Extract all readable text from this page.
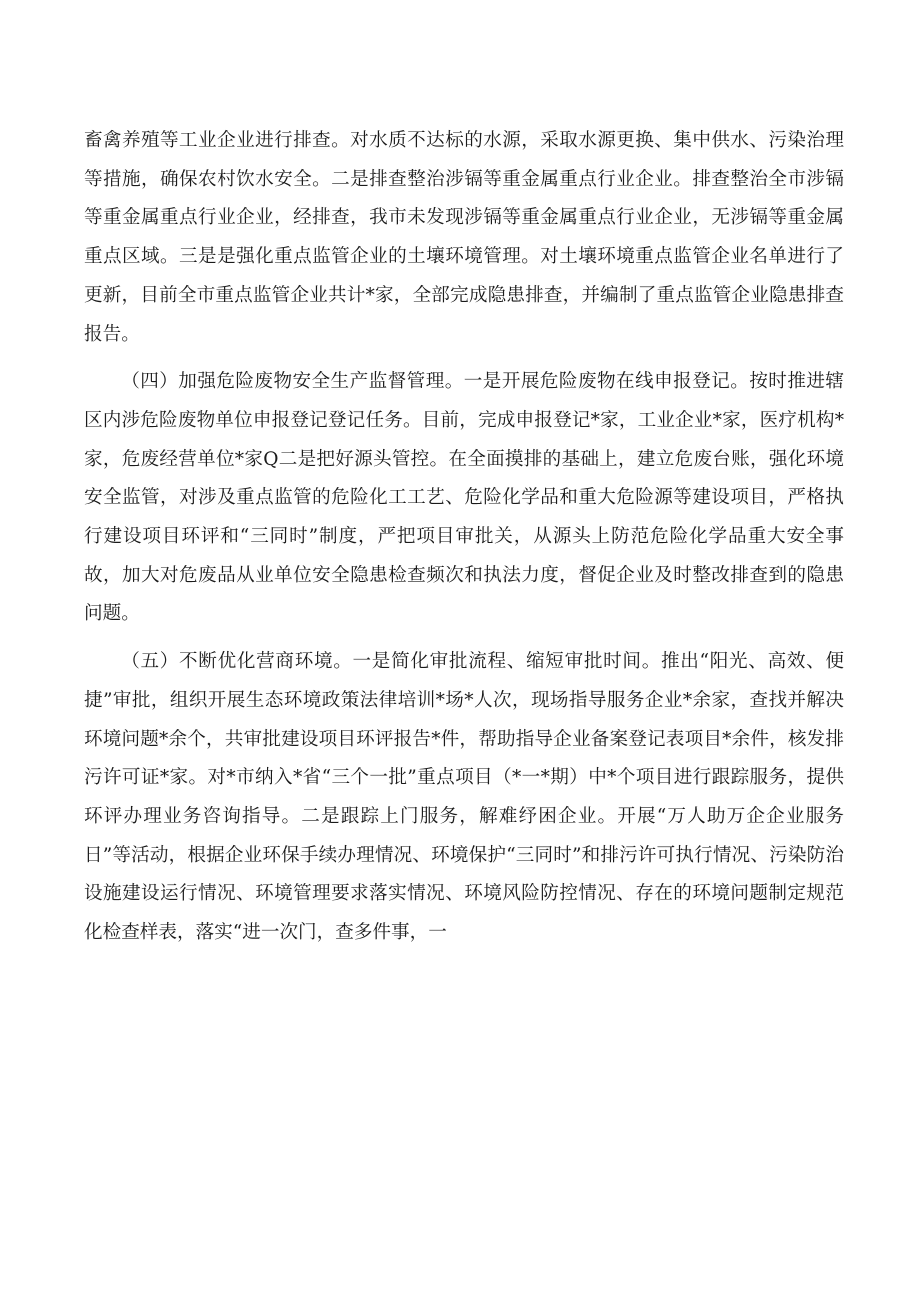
畜禽养殖等工业企业进行排查。对水质不达标的水源，采取水源更换、集中供水、污染治理等措施，确保农村饮水安全。二是排查整治涉镉等重金属重点行业企业。排查整治全市涉镉等重金属重点行业企业，经排查，我市未发现涉镉等重金属重点行业企业，无涉镉等重金属重点区域。三是是强化重点监管企业的土壤环境管理。对土壤环境重点监管企业名单进行了更新，目前全市重点监管企业共计*家，全部完成隐患排查，并编制了重点监管企业隐患排查报告。

（四）加强危险废物安全生产监督管理。一是开展危险废物在线申报登记。按时推进辖区内涉危险废物单位申报登记登记任务。目前，完成申报登记*家，工业企业*家，医疗机构*家，危废经营单位*家Q二是把好源头管控。在全面摸排的基础上，建立危废台账，强化环境安全监管，对涉及重点监管的危险化工工艺、危险化学品和重大危险源等建设项目，严格执行建设项目环评和“三同时”制度，严把项目审批关，从源头上防范危险化学品重大安全事故，加大对危废品从业单位安全隐患检查频次和执法力度，督促企业及时整改排查到的隐患问题。

（五）不断优化营商环境。一是简化审批流程、缩短审批时间。推出“阳光、高效、便捷”审批，组织开展生态环境政策法律培训*场*人次，现场指导服务企业*余家，查找并解决环境问题*余个，共审批建设项目环评报告*件，帮助指导企业备案登记表项目*余件，核发排污许可证*家。对*市纳入*省“三个一批”重点项目（*一*期）中*个项目进行跟踪服务，提供环评办理业务咨询指导。二是跟踪上门服务，解难纾困企业。开展“万人助万企企业服务日”等活动，根据企业环保手续办理情况、环境保护“三同时”和排污许可执行情况、污染防治设施建设运行情况、环境管理要求落实情况、环境风险防控情况、存在的环境问题制定规范化检查样表，落实“进一次门，查多件事，一
